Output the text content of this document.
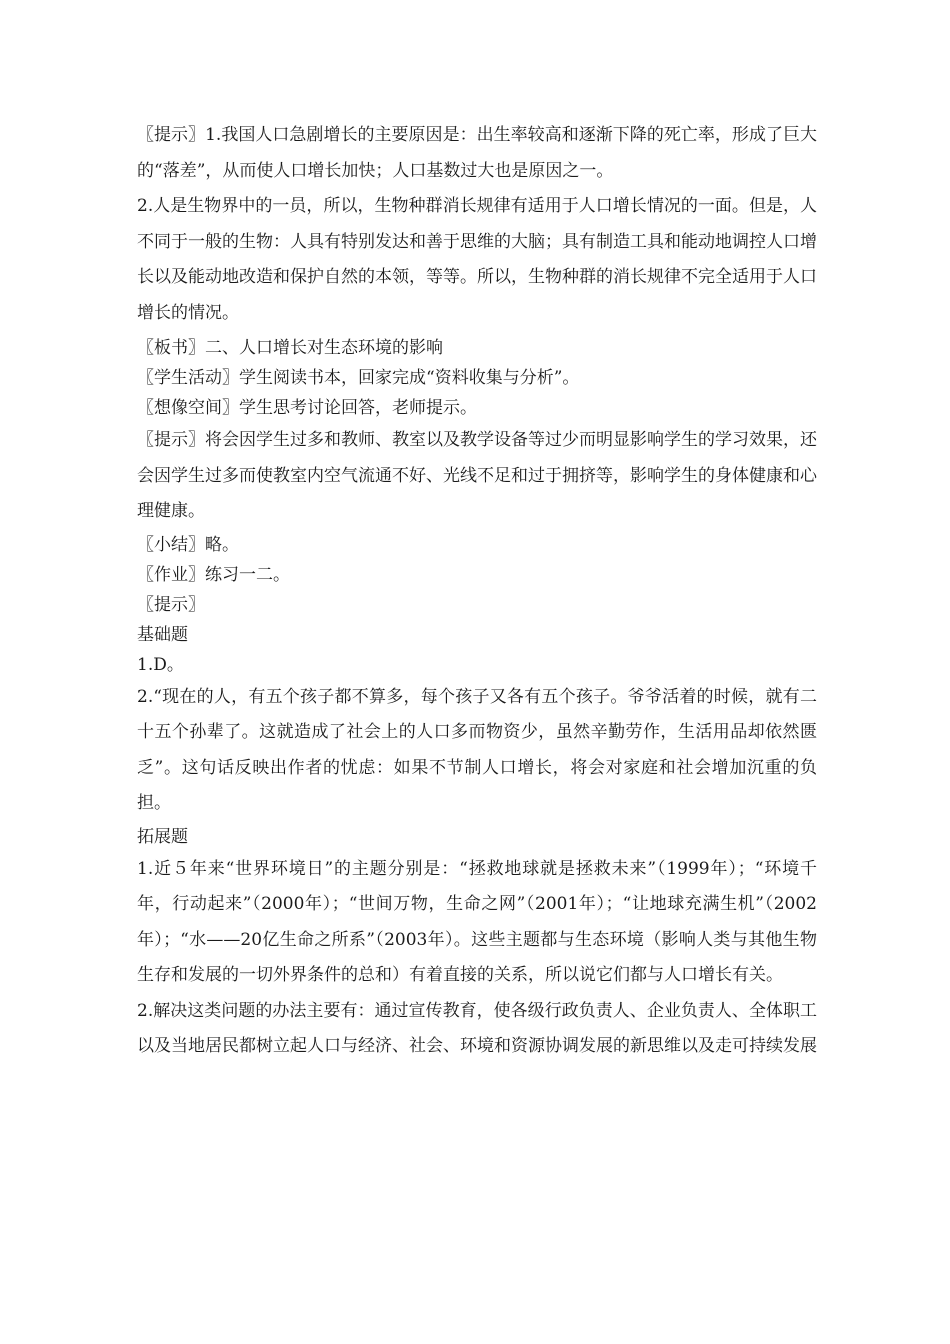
〖提示〗1.我国人口急剧增长的主要原因是：出生率较高和逐渐下降的死亡率，形成了巨大的“落差”，从而使人口增长加快；人口基数过大也是原因之一。

2.人是生物界中的一员，所以，生物种群消长规律有适用于人口增长情况的一面。但是，人不同于一般的生物：人具有特别发达和善于思维的大脑；具有制造工具和能动地调控人口增长以及能动地改造和保护自然的本领，等等。所以，生物种群的消长规律不完全适用于人口增长的情况。

〖板书〗二、人口增长对生态环境的影响

〖学生活动〗学生阅读书本，回家完成“资料收集与分析”。

〖想像空间〗学生思考讨论回答，老师提示。

〖提示〗将会因学生过多和教师、教室以及教学设备等过少而明显影响学生的学习效果，还会因学生过多而使教室内空气流通不好、光线不足和过于拥挤等，影响学生的身体健康和心理健康。

〖小结〗略。

〖作业〗练习一二。

〖提示〗

基础题

1.D。

2.“现在的人，有五个孩子都不算多，每个孩子又各有五个孩子。爷爷活着的时候，就有二十五个孙辈了。这就造成了社会上的人口多而物资少，虽然辛勤劳作，生活用品却依然匮乏”。这句话反映出作者的忧虑：如果不节制人口增长，将会对家庭和社会增加沉重的负担。

拓展题

1.近５年来“世界环境日”的主题分别是：“拯救地球就是拯救未来”（1999年）；“环境千年，行动起来”（2000年）；“世间万物，生命之网”（2001年）；“让地球充满生机”（2002年）；“水——20亿生命之所系”（2003年）。这些主题都与生态环境（影响人类与其他生物生存和发展的一切外界条件的总和）有着直接的关系，所以说它们都与人口增长有关。

2.解决这类问题的办法主要有：通过宣传教育，使各级行政负责人、企业负责人、全体职工以及当地居民都树立起人口与经济、社会、环境和资源协调发展的新思维以及走可持续发展
